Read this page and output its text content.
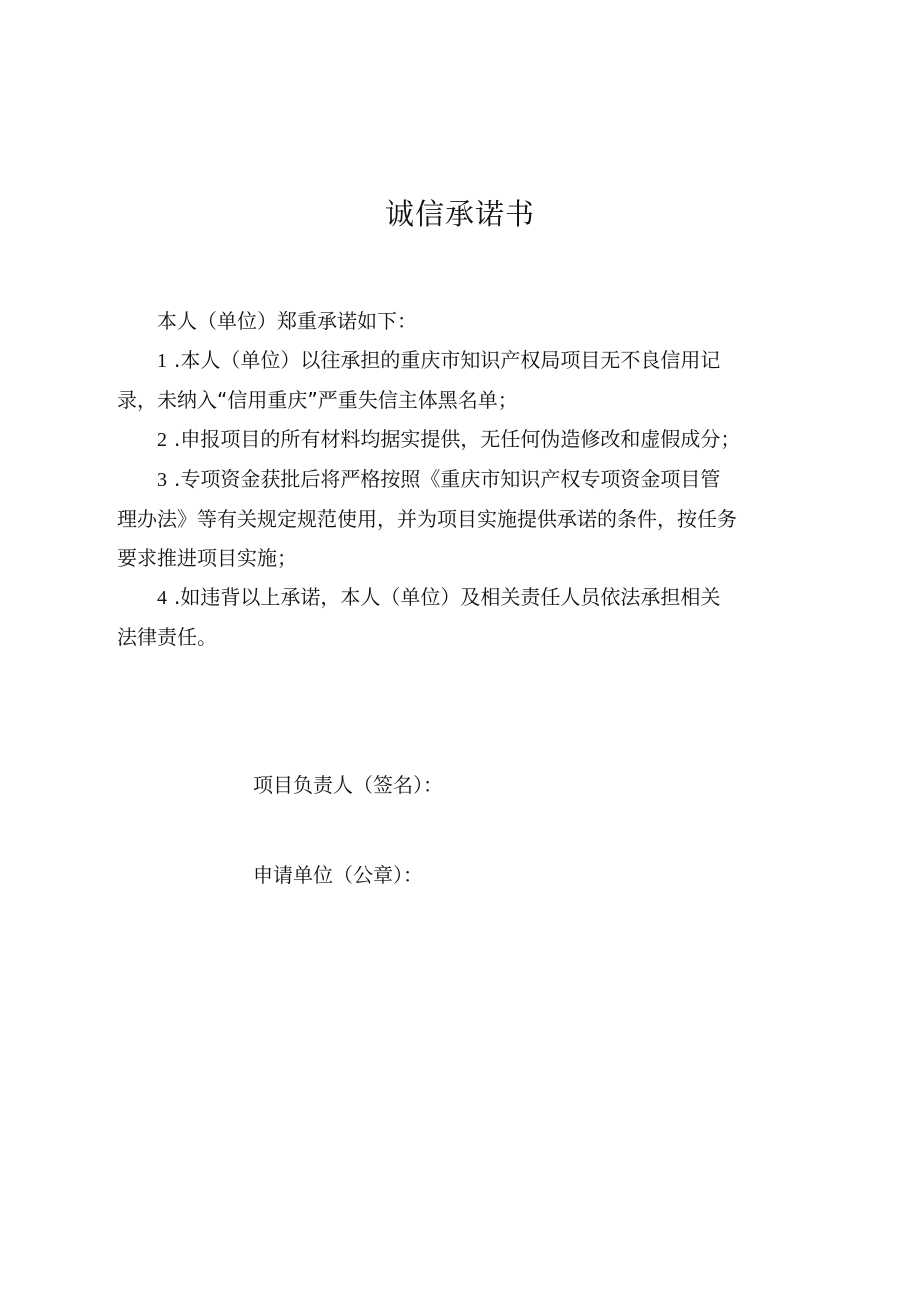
诚信承诺书

本人（单位）郑重承诺如下：

1 .本人（单位）以往承担的重庆市知识产权局项目无不良信用记
录，未纳入“信用重庆”严重失信主体黑名单；

2 .申报项目的所有材料均据实提供，无任何伪造修改和虚假成分；

3 .专项资金获批后将严格按照《重庆市知识产权专项资金项目管
理办法》等有关规定规范使用，并为项目实施提供承诺的条件，按任务
要求推进项目实施；

4 .如违背以上承诺，本人（单位）及相关责任人员依法承担相关
法律责任。

项目负责人（签名）：

申请单位（公章）：
